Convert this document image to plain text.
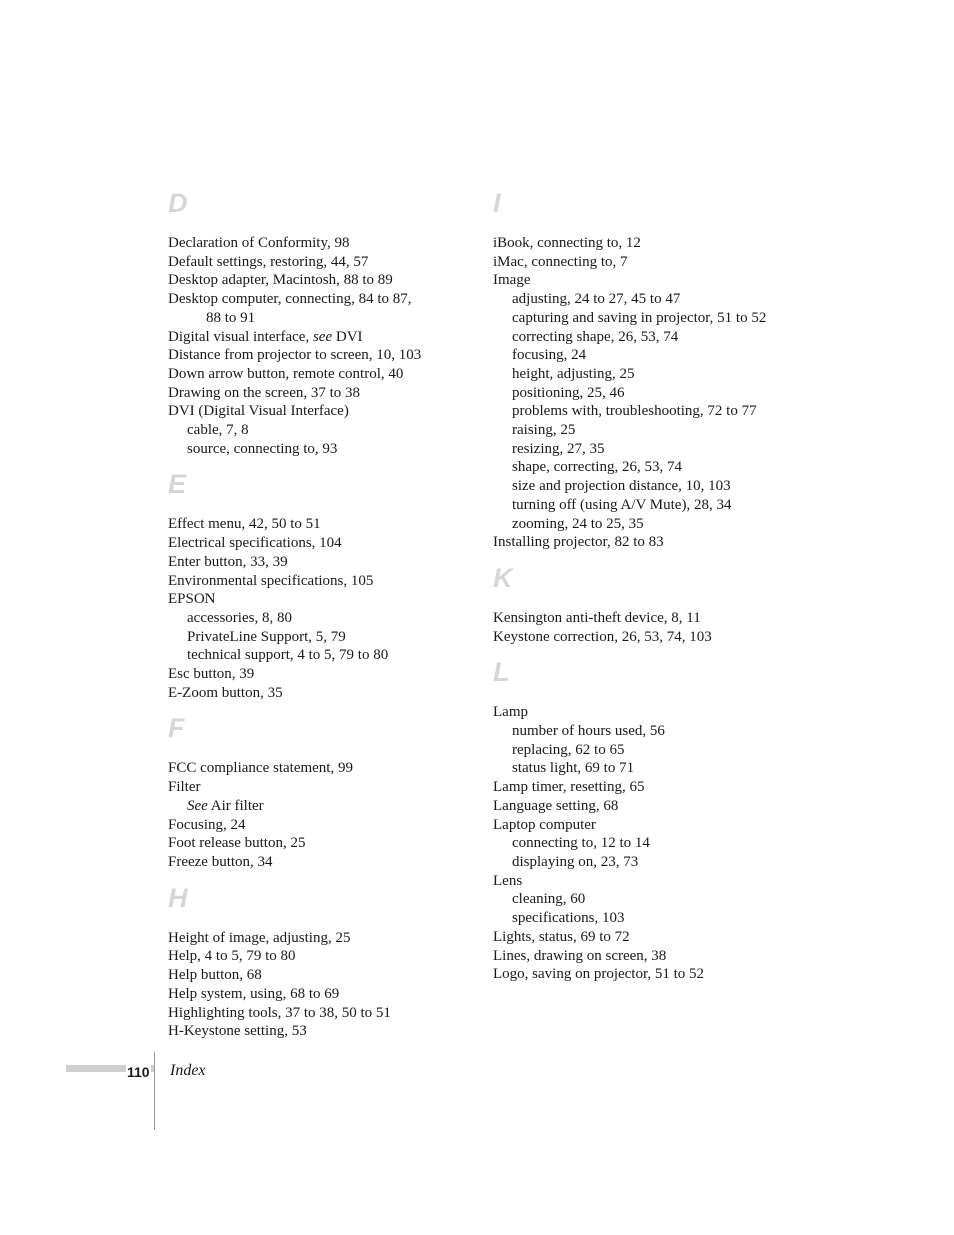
D
Declaration of Conformity, 98
Default settings, restoring, 44, 57
Desktop adapter, Macintosh, 88 to 89
Desktop computer, connecting, 84 to 87,
88 to 91
Digital visual interface, see DVI
Distance from projector to screen, 10, 103
Down arrow button, remote control, 40
Drawing on the screen, 37 to 38
DVI (Digital Visual Interface)
cable, 7, 8
source, connecting to, 93
E
Effect menu, 42, 50 to 51
Electrical specifications, 104
Enter button, 33, 39
Environmental specifications, 105
EPSON
accessories, 8, 80
PrivateLine Support, 5, 79
technical support, 4 to 5, 79 to 80
Esc button, 39
E-Zoom button, 35
F
FCC compliance statement, 99
Filter
See Air filter
Focusing, 24
Foot release button, 25
Freeze button, 34
H
Height of image, adjusting, 25
Help, 4 to 5, 79 to 80
Help button, 68
Help system, using, 68 to 69
Highlighting tools, 37 to 38, 50 to 51
H-Keystone setting, 53
I
iBook, connecting to, 12
iMac, connecting to, 7
Image
adjusting, 24 to 27, 45 to 47
capturing and saving in projector, 51 to 52
correcting shape, 26, 53, 74
focusing, 24
height, adjusting, 25
positioning, 25, 46
problems with, troubleshooting, 72 to 77
raising, 25
resizing, 27, 35
shape, correcting, 26, 53, 74
size and projection distance, 10, 103
turning off (using A/V Mute), 28, 34
zooming, 24 to 25, 35
Installing projector, 82 to 83
K
Kensington anti-theft device, 8, 11
Keystone correction, 26, 53, 74, 103
L
Lamp
number of hours used, 56
replacing, 62 to 65
status light, 69 to 71
Lamp timer, resetting, 65
Language setting, 68
Laptop computer
connecting to, 12 to 14
displaying on, 23, 73
Lens
cleaning, 60
specifications, 103
Lights, status, 69 to 72
Lines, drawing on screen, 38
Logo, saving on projector, 51 to 52
110 Index
